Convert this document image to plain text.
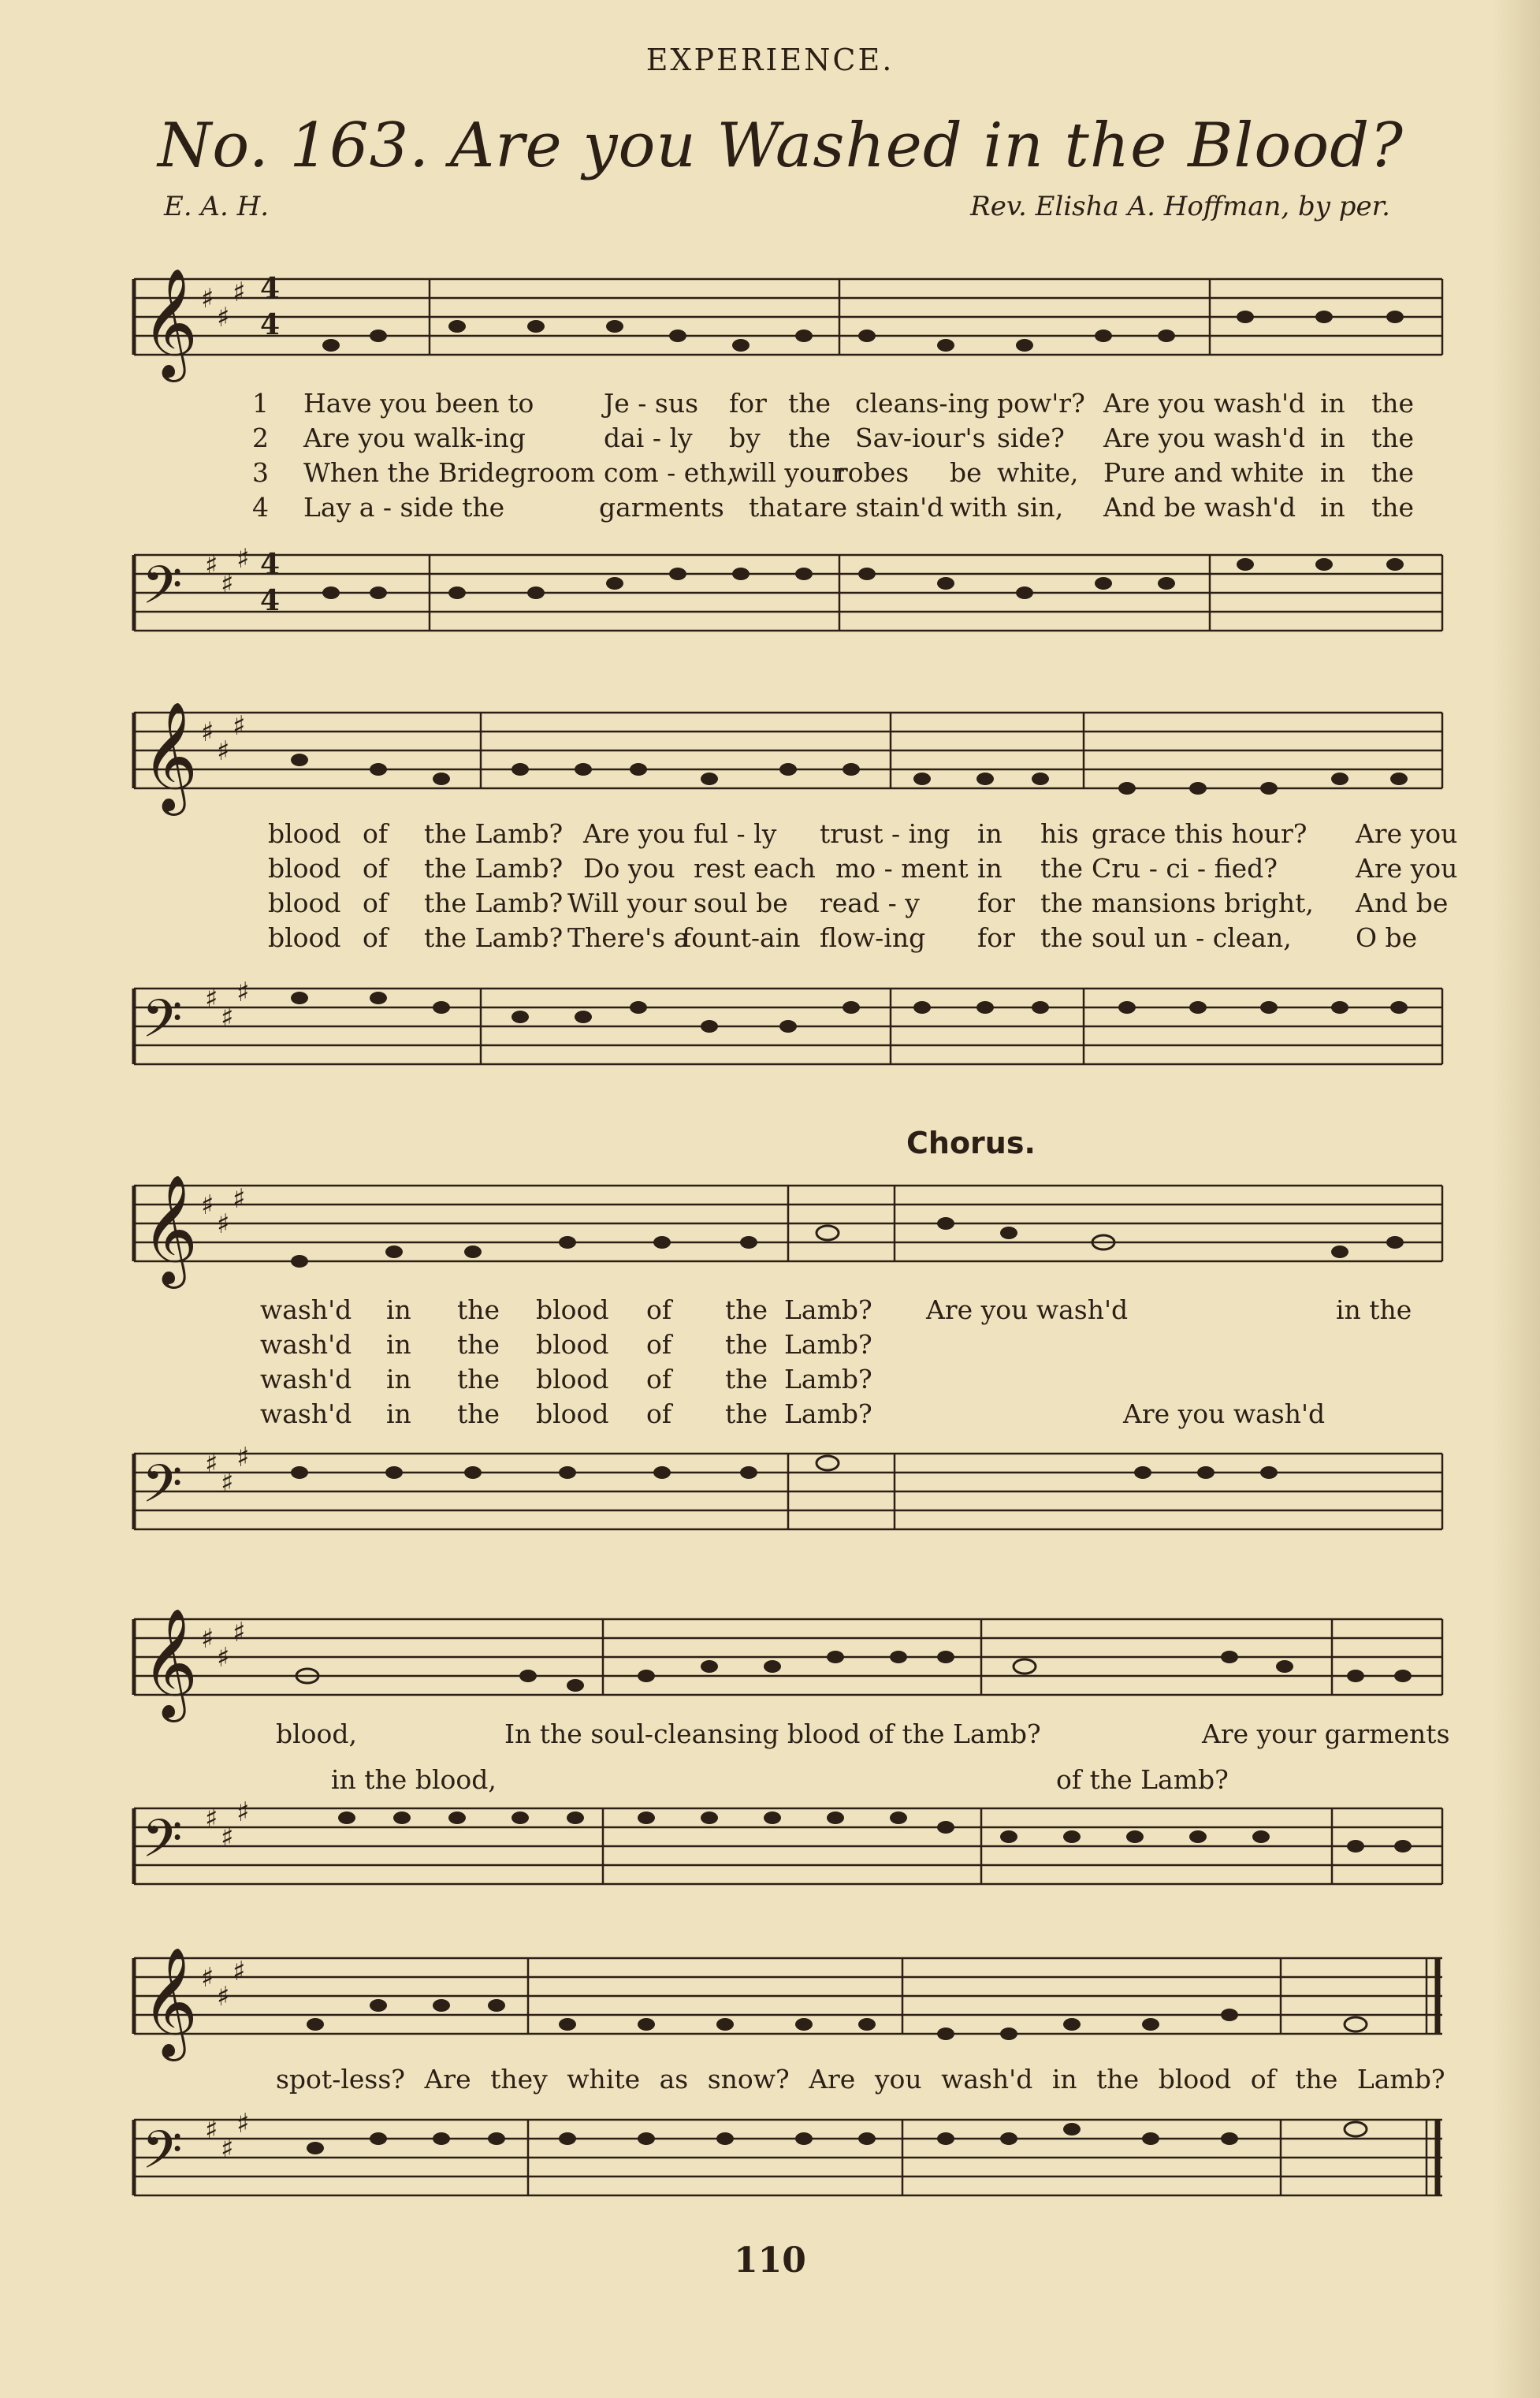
EXPERIENCE.
No. 163. Are you Washed in the Blood?
E. A. H.	Rev. Elisha A. Hoffman, by per.
𝄞 ♯
♯
♯ 4
4
1
2
3
4
Have you been to	Je - sus for the cleans-ing pow'r? Are you wash'd in the
Are you walk-ing	dai - ly by the Sav-iour's side? Are you wash'd in the
When the Bridegroom com - eth,
will your
robes be white, Pure and white in the
Lay a - side the	garments that are stain'd with sin, And be wash'd in the
𝄢 ♯
♯
♯ 4
4
𝄞 ♯
♯
♯
blood of the Lamb? Are you ful - ly trust - ing in his grace this hour? Are you
blood of the Lamb? Do you rest each mo - ment in the Cru - ci - fied?	Are you
blood of the Lamb? Will your soul be read - y for the mansions bright, And be
blood of the Lamb? There's a
fount-ain flow-ing for the soul un - clean, O be
𝄢 ♯
♯
♯
Chorus.
𝄞 ♯
♯
♯
wash'd in the blood of the Lamb? Are you wash'd	in the
wash'd in the blood of the Lamb?
wash'd in the blood of the Lamb?
wash'd in the blood of the Lamb?	Are you wash'd
𝄢 ♯
♯
♯
𝄞 ♯
♯
♯
blood,	In the soul-cleansing blood of the Lamb?	Are your garments
in the blood,	of the Lamb?
𝄢 ♯
♯
♯
𝄞 ♯
♯
♯
spot-less? Are they white as snow? Are you wash'd in the blood of the Lamb?
𝄢 ♯
♯
♯
110
